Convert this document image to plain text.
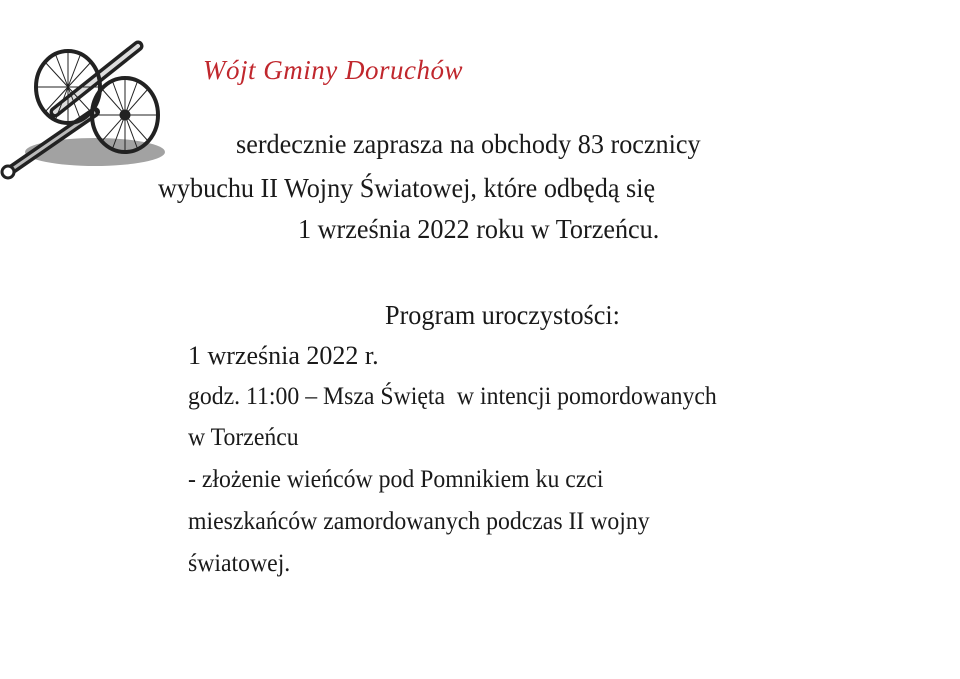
Wójt Gminy Doruchów
serdecznie zaprasza na obchody 83 rocznicy
wybuchu II Wojny Światowej, które odbędą się
1 września 2022 roku w Torzeńcu.
Program uroczystości:
1 września 2022 r.
godz. 11:00 – Msza Święta  w intencji pomordowanych
w Torzeńcu
- złożenie wieńców pod Pomnikiem ku czci
mieszkańców zamordowanych podczas II wojny
światowej.
